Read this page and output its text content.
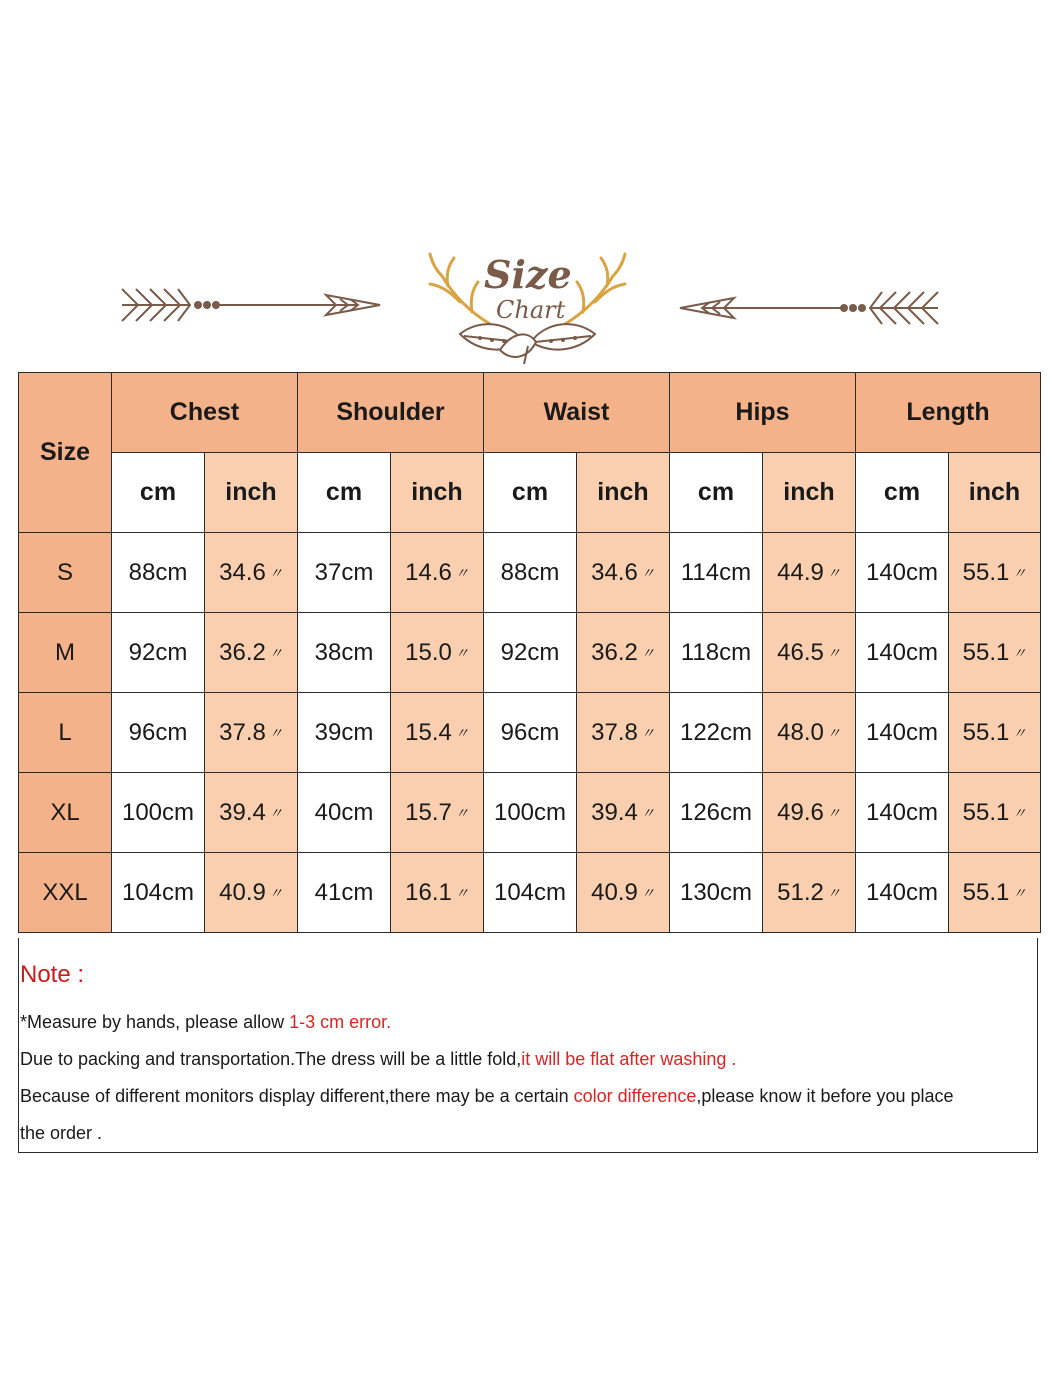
Size
Chart
Size	Chest		Shoulder		Waist		Hips		Length	
	cm	inch	cm	inch	cm	inch	cm	inch	cm	inch
S	88cm	34.6 〃	37cm	14.6 〃	88cm	34.6 〃	114cm	44.9 〃	140cm	55.1 〃
M	92cm	36.2 〃	38cm	15.0 〃	92cm	36.2 〃	118cm	46.5 〃	140cm	55.1 〃
L	96cm	37.8 〃	39cm	15.4 〃	96cm	37.8 〃	122cm	48.0 〃	140cm	55.1 〃
XL	100cm	39.4 〃	40cm	15.7 〃	100cm	39.4 〃	126cm	49.6 〃	140cm	55.1 〃
XXL	104cm	40.9 〃	41cm	16.1 〃	104cm	40.9 〃	130cm	51.2 〃	140cm	55.1 〃
Note :

*Measure by hands, please allow 1-3 cm error.

Due to packing and transportation.The dress will be a little fold,it will be flat after washing .

Because of different monitors display different,there may be a certain color difference,please know it before you place

the order .
